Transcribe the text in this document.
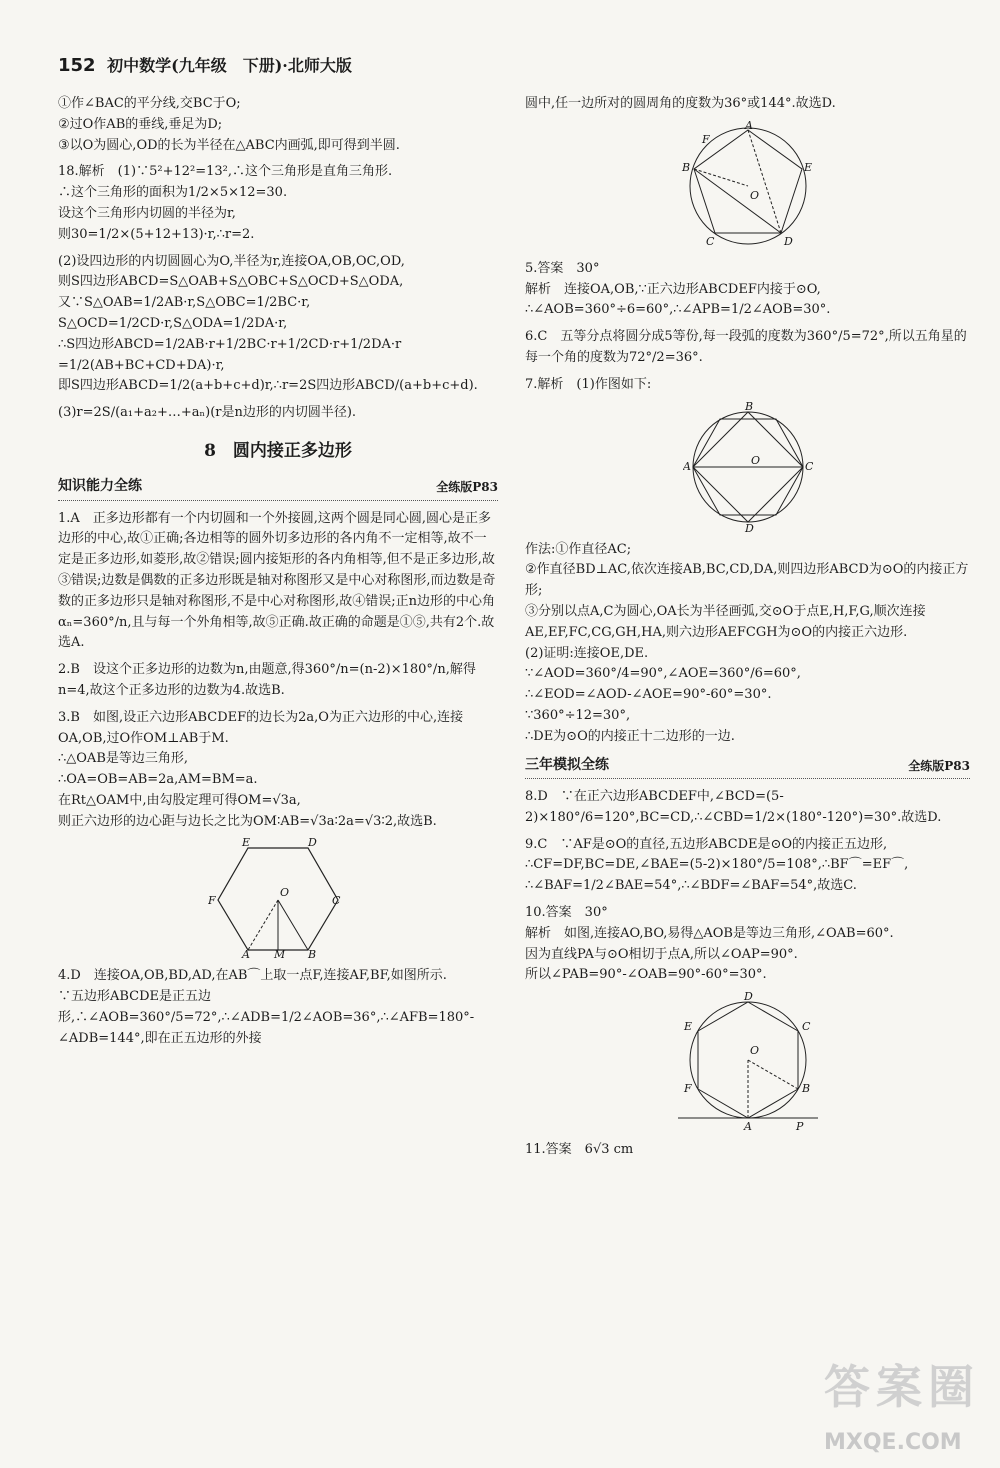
152 初中数学(九年级　下册)·北师大版

①作∠BAC的平分线,交BC于O;
②过O作AB的垂线,垂足为D;
③以O为圆心,OD的长为半径在△ABC内画弧,即可得到半圆.

18.解析　(1)∵5²+12²=13²,∴这个三角形是直角三角形.
∴这个三角形的面积为1/2×5×12=30.
设这个三角形内切圆的半径为r,
则30=1/2×(5+12+13)·r,∴r=2.

(2)设四边形的内切圆圆心为O,半径为r,连接OA,OB,OC,OD,
则S四边形ABCD=S△OAB+S△OBC+S△OCD+S△ODA,
又∵S△OAB=1/2AB·r,S△OBC=1/2BC·r,
S△OCD=1/2CD·r,S△ODA=1/2DA·r,
∴S四边形ABCD=1/2AB·r+1/2BC·r+1/2CD·r+1/2DA·r
=1/2(AB+BC+CD+DA)·r,
即S四边形ABCD=1/2(a+b+c+d)r,∴r=2S四边形ABCD/(a+b+c+d).

(3)r=2S/(a₁+a₂+…+aₙ)(r是n边形的内切圆半径).

8　圆内接正多边形
知识能力全练	全练版P83

1.A　正多边形都有一个内切圆和一个外接圆,这两个圆是同心圆,圆心是正多边形的中心,故①正确;各边相等的圆外切多边形的各内角不一定相等,故不一定是正多边形,如菱形,故②错误;圆内接矩形的各内角相等,但不是正多边形,故③错误;边数是偶数的正多边形既是轴对称图形又是中心对称图形,而边数是奇数的正多边形只是轴对称图形,不是中心对称图形,故④错误;正n边形的中心角αₙ=360°/n,且与每一个外角相等,故⑤正确.故正确的命题是①⑤,共有2个.故选A.

2.B　设这个正多边形的边数为n,由题意,得360°/n=(n-2)×180°/n,解得n=4,故这个正多边形的边数为4.故选B.

3.B　如图,设正六边形ABCDEF的边长为2a,O为正六边形的中心,连接OA,OB,过O作OM⊥AB于M.
∴△OAB是等边三角形,
∴OA=OB=AB=2a,AM=BM=a.
在Rt△OAM中,由勾股定理可得OM=√3a,
则正六边形的边心距与边长之比为OM∶AB=√3a∶2a=√3∶2,故选B.

E	D
C
F
O
A M B

4.D　连接OA,OB,BD,AD,在AB⌒上取一点F,连接AF,BF,如图所示.
∵五边形ABCDE是正五边形,∴∠AOB=360°/5=72°,∴∠ADB=1/2∠AOB=36°,∴∠AFB=180°-∠ADB=144°,即在正五边形的外接

圆中,任一边所对的圆周角的度数为36°或144°.故选D.

A
E
B
D
C
O
F

5.答案　30°
解析　连接OA,OB,∵正六边形ABCDEF内接于⊙O,
∴∠AOB=360°÷6=60°,∴∠APB=1/2∠AOB=30°.

6.C　五等分点将圆分成5等份,每一段弧的度数为360°/5=72°,所以五角星的每一个角的度数为72°/2=36°.

7.解析　(1)作图如下:

B
C
A
D
O

作法:①作直径AC;
②作直径BD⊥AC,依次连接AB,BC,CD,DA,则四边形ABCD为⊙O的内接正方形;
③分别以点A,C为圆心,OA长为半径画弧,交⊙O于点E,H,F,G,顺次连接AE,EF,FC,CG,GH,HA,则六边形AEFCGH为⊙O的内接正六边形.
(2)证明:连接OE,DE.
∵∠AOD=360°/4=90°,∠AOE=360°/6=60°,
∴∠EOD=∠AOD-∠AOE=90°-60°=30°.
∵360°÷12=30°,
∴DE为⊙O的内接正十二边形的一边.

三年模拟全练	全练版P83

8.D　∵在正六边形ABCDEF中,∠BCD=(5-2)×180°/6=120°,BC=CD,∴∠CBD=1/2×(180°-120°)=30°.故选D.

9.C　∵AF是⊙O的直径,五边形ABCDE是⊙O的内接正五边形,
∴CF=DF,BC=DE,∠BAE=(5-2)×180°/5=108°,∴BF⌒=EF⌒,
∴∠BAF=1/2∠BAE=54°,∴∠BDF=∠BAF=54°,故选C.

10.答案　30°
解析　如图,连接AO,BO,易得△AOB是等边三角形,∠OAB=60°.
因为直线PA与⊙O相切于点A,所以∠OAP=90°.
所以∠PAB=90°-∠OAB=90°-60°=30°.

D
C
E
B
F
O
A	P

11.答案　6√3 cm

答案圈
MXQE.COM
